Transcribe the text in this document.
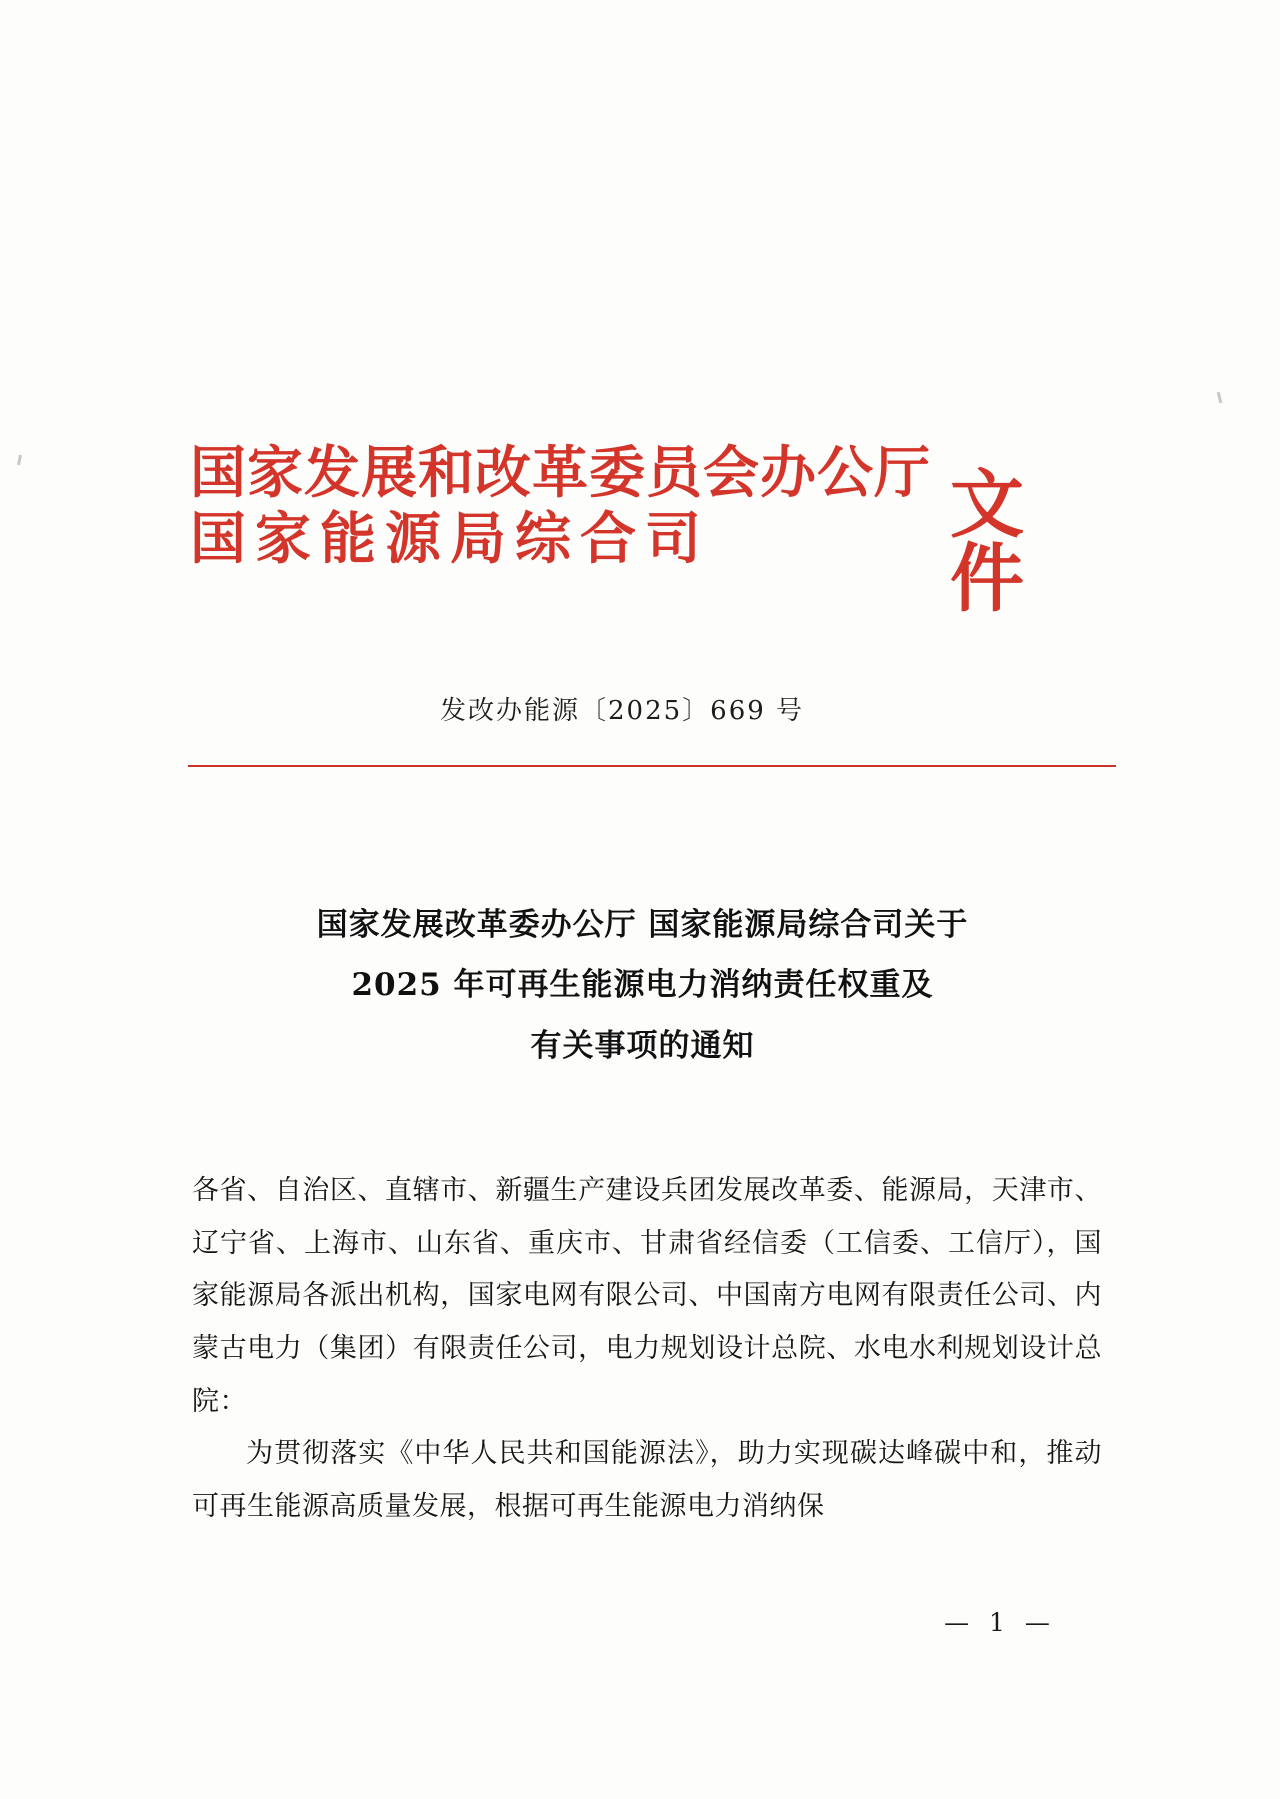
国家发展和改革委员会办公厅
国家能源局综合司	文件
发改办能源〔2025〕669 号
国家发展改革委办公厅 国家能源局综合司关于
2025 年可再生能源电力消纳责任权重及
有关事项的通知

各省、自治区、直辖市、新疆生产建设兵团发展改革委、能源局，天津市、辽宁省、上海市、山东省、重庆市、甘肃省经信委（工信委、工信厅），国家能源局各派出机构，国家电网有限公司、中国南方电网有限责任公司、内蒙古电力（集团）有限责任公司，电力规划设计总院、水电水利规划设计总院：

为贯彻落实《中华人民共和国能源法》，助力实现碳达峰碳中和，推动可再生能源高质量发展，根据可再生能源电力消纳保

— 1 —
